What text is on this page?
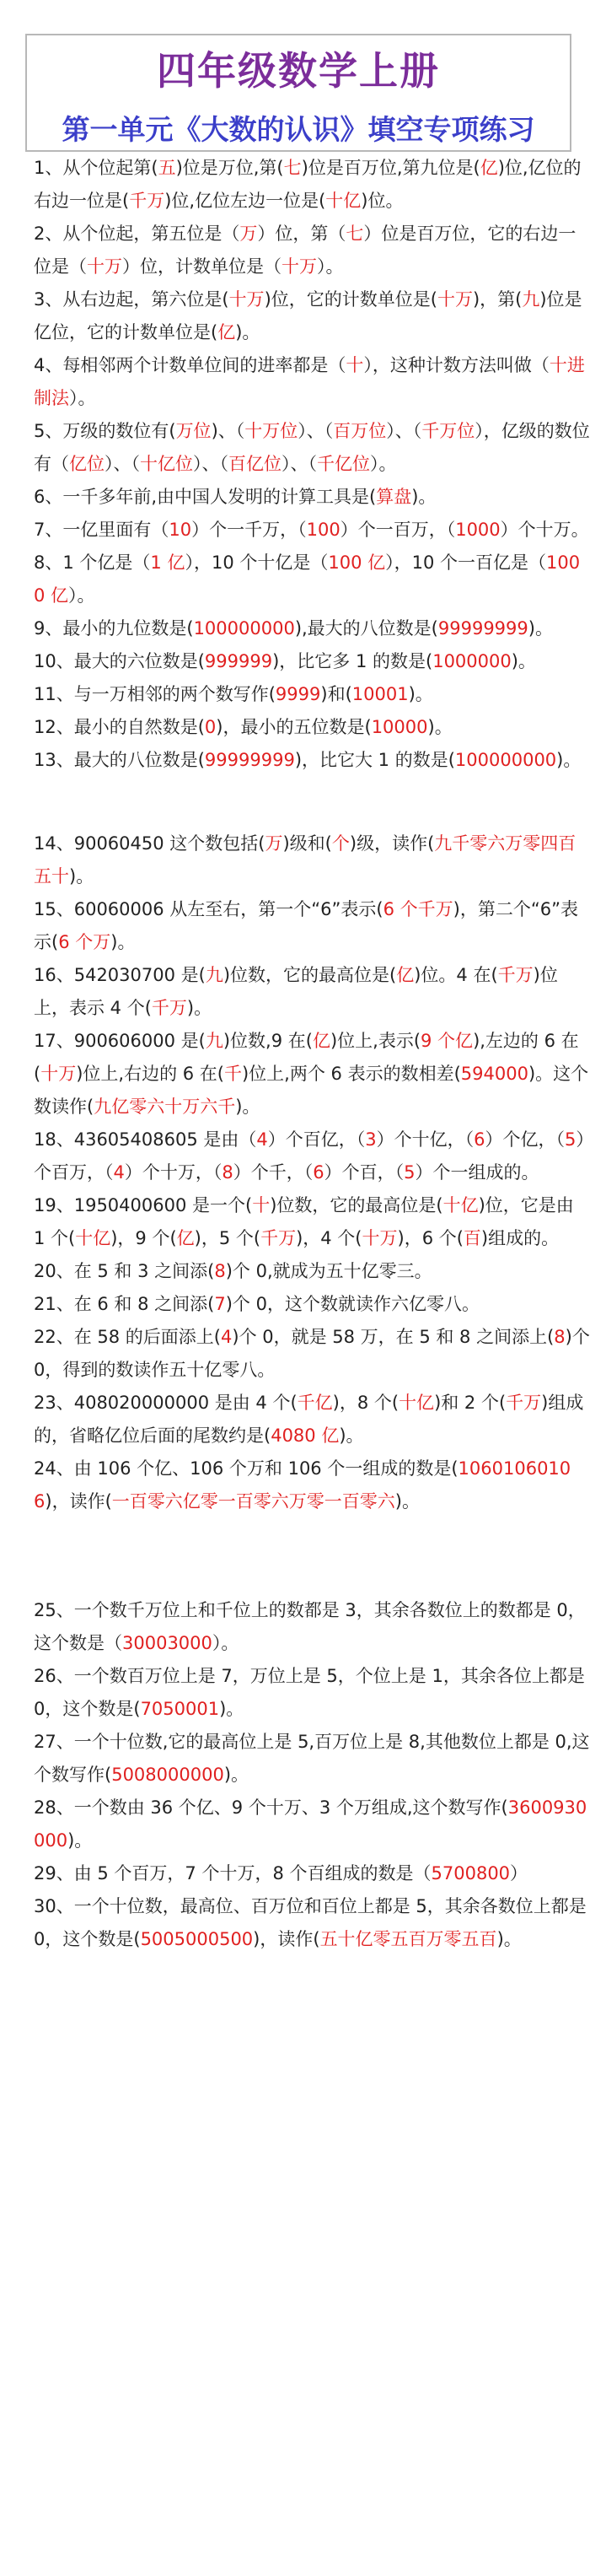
四年级数学上册
第一单元《大数的认识》填空专项练习

1、从个位起第(五)位是万位,第(七)位是百万位,第九位是(亿)位,亿位的右边一位是(千万)位,亿位左边一位是(十亿)位。

2、从个位起，第五位是（万）位，第（七）位是百万位，它的右边一位是（十万）位，计数单位是（十万）。

3、从右边起，第六位是(十万)位，它的计数单位是(十万)，第(九)位是亿位，它的计数单位是(亿)。

4、每相邻两个计数单位间的进率都是（十），这种计数方法叫做（十进制法）。

5、万级的数位有(万位)、（十万位）、（百万位）、（千万位），亿级的数位有（亿位）、（十亿位）、（百亿位）、（千亿位）。

6、一千多年前,由中国人发明的计算工具是(算盘)。

7、一亿里面有（10）个一千万，（100）个一百万，（1000）个十万。

8、1 个亿是（1 亿），10 个十亿是（100 亿），10 个一百亿是（1000 亿）。

9、最小的九位数是(100000000),最大的八位数是(99999999)。

10、最大的六位数是(999999)，比它多 1 的数是(1000000)。

11、与一万相邻的两个数写作(9999)和(10001)。

12、最小的自然数是(0)，最小的五位数是(10000)。

13、最大的八位数是(99999999)，比它大 1 的数是(100000000)。

14、90060450 这个数包括(万)级和(个)级，读作(九千零六万零四百五十)。

15、60060006 从左至右，第一个“6”表示(6 个千万)，第二个“6”表示(6 个万)。

16、542030700 是(九)位数，它的最高位是(亿)位。4 在(千万)位上，表示 4 个(千万)。

17、900606000 是(九)位数,9 在(亿)位上,表示(9 个亿),左边的 6 在(十万)位上,右边的 6 在(千)位上,两个 6 表示的数相差(594000)。这个数读作(九亿零六十万六千)。

18、43605408605 是由（4）个百亿，（3）个十亿，（6）个亿，（5）个百万，（4）个十万，（8）个千，（6）个百，（5）个一组成的。

19、1950400600 是一个(十)位数，它的最高位是(十亿)位，它是由 1 个(十亿)，9 个(亿)，5 个(千万)，4 个(十万)，6 个(百)组成的。

20、在 5 和 3 之间添(8)个 0,就成为五十亿零三。

21、在 6 和 8 之间添(7)个 0，这个数就读作六亿零八。

22、在 58 的后面添上(4)个 0，就是 58 万，在 5 和 8 之间添上(8)个 0，得到的数读作五十亿零八。

23、408020000000 是由 4 个(千亿)，8 个(十亿)和 2 个(千万)组成的，省略亿位后面的尾数约是(4080 亿)。

24、由 106 个亿、106 个万和 106 个一组成的数是(10601060106)，读作(一百零六亿零一百零六万零一百零六)。

25、一个数千万位上和千位上的数都是 3，其余各数位上的数都是 0，这个数是（30003000）。

26、一个数百万位上是 7，万位上是 5，个位上是 1，其余各位上都是 0，这个数是(7050001)。

27、一个十位数,它的最高位上是 5,百万位上是 8,其他数位上都是 0,这个数写作(5008000000)。

28、一个数由 36 个亿、9 个十万、3 个万组成,这个数写作(3600930000)。

29、由 5 个百万，7 个十万，8 个百组成的数是（5700800）

30、一个十位数，最高位、百万位和百位上都是 5，其余各数位上都是 0，这个数是(5005000500)，读作(五十亿零五百万零五百)。
